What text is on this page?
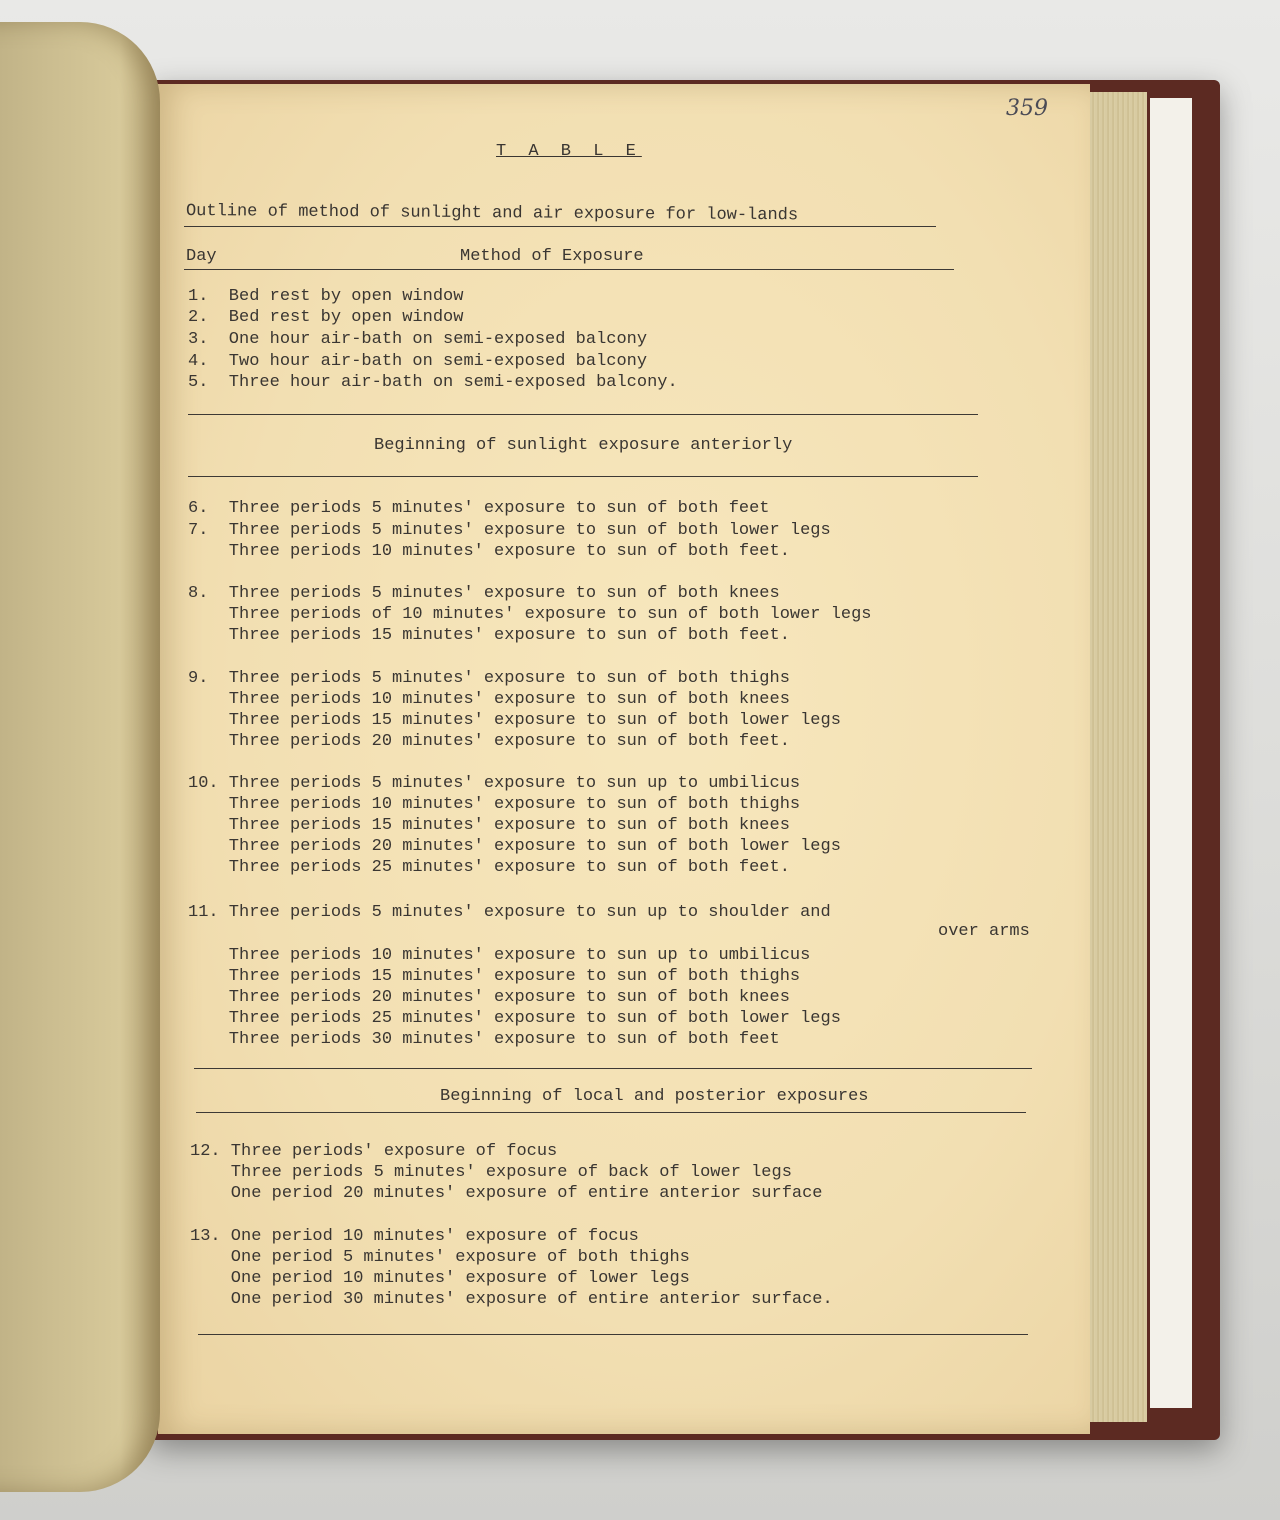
359
T A B L E
Outline of method of sunlight and air exposure for low-lands
Day	Method of Exposure
1.  Bed rest by open window
2.  Bed rest by open window
3.  One hour air-bath on semi-exposed balcony
4.  Two hour air-bath on semi-exposed balcony
5.  Three hour air-bath on semi-exposed balcony.
Beginning of sunlight exposure anteriorly
6.  Three periods 5 minutes' exposure to sun of both feet
7.  Three periods 5 minutes' exposure to sun of both lower legs
Three periods 10 minutes' exposure to sun of both feet.
8.  Three periods 5 minutes' exposure to sun of both knees
Three periods of 10 minutes' exposure to sun of both lower legs
Three periods 15 minutes' exposure to sun of both feet.
9.  Three periods 5 minutes' exposure to sun of both thighs
Three periods 10 minutes' exposure to sun of both knees
Three periods 15 minutes' exposure to sun of both lower legs
Three periods 20 minutes' exposure to sun of both feet.
10. Three periods 5 minutes' exposure to sun up to umbilicus
Three periods 10 minutes' exposure to sun of both thighs
Three periods 15 minutes' exposure to sun of both knees
Three periods 20 minutes' exposure to sun of both lower legs
Three periods 25 minutes' exposure to sun of both feet.
11. Three periods 5 minutes' exposure to sun up to shoulder and
over arms
Three periods 10 minutes' exposure to sun up to umbilicus
Three periods 15 minutes' exposure to sun of both thighs
Three periods 20 minutes' exposure to sun of both knees
Three periods 25 minutes' exposure to sun of both lower legs
Three periods 30 minutes' exposure to sun of both feet
Beginning of local and posterior exposures
12. Three periods' exposure of focus
Three periods 5 minutes' exposure of back of lower legs
One period 20 minutes' exposure of entire anterior surface
13. One period 10 minutes' exposure of focus
One period 5 minutes' exposure of both thighs
One period 10 minutes' exposure of lower legs
One period 30 minutes' exposure of entire anterior surface.
